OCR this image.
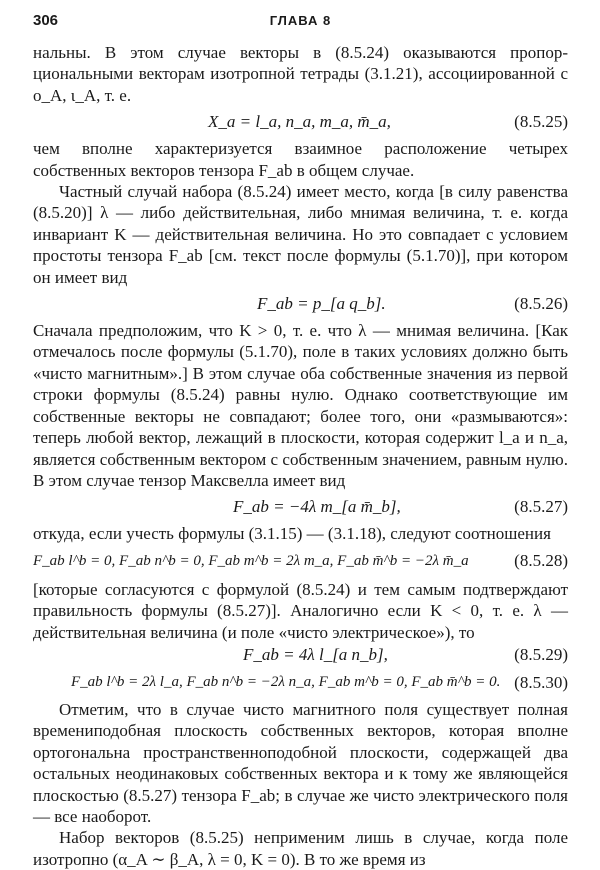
306	ГЛАВА 8

нальны. В этом случае векторы в (8.5.24) оказываются пропорциональными векторам изотропной тетрады (3.1.21), ассоциированной с o_A, ι_A, т. е.

X_a = l_a, n_a, m_a, m̄_a,	(8.5.25)

чем вполне характеризуется взаимное расположение четырех собственных векторов тензора F_ab в общем случае.

Частный случай набора (8.5.24) имеет место, когда [в силу равенства (8.5.20)] λ — либо действительная, либо мнимая величина, т. е. когда инвариант K — действительная величина. Но это совпадает с условием простоты тензора F_ab [см. текст после формулы (5.1.70)], при котором он имеет вид

F_ab = p_[a q_b].	(8.5.26)

Сначала предположим, что K > 0, т. е. что λ — мнимая величина. [Как отмечалось после формулы (5.1.70), поле в таких условиях должно быть «чисто магнитным».] В этом случае оба собственные значения из первой строки формулы (8.5.24) равны нулю. Однако соответствующие им собственные векторы не совпадают; более того, они «размываются»: теперь любой вектор, лежащий в плоскости, которая содержит l_a и n_a, является собственным вектором с собственным значением, равным нулю. В этом случае тензор Максвелла имеет вид

F_ab = −4λ m_[a m̄_b],	(8.5.27)

откуда, если учесть формулы (3.1.15) — (3.1.18), следуют соотношения

F_ab l^b = 0, F_ab n^b = 0, F_ab m^b = 2λ m_a, F_ab m̄^b = −2λ m̄_a	(8.5.28)

[которые согласуются с формулой (8.5.24) и тем самым подтверждают правильность формулы (8.5.27)]. Аналогично если K < 0, т. е. λ — действительная величина (и поле «чисто электрическое»), то

F_ab = 4λ l_[a n_b],	(8.5.29)
F_ab l^b = 2λ l_a, F_ab n^b = −2λ n_a, F_ab m^b = 0, F_ab m̄^b = 0. (8.5.30)

Отметим, что в случае чисто магнитного поля существует полная времениподобная плоскость собственных векторов, которая вполне ортогональна пространственноподобной плоскости, содержащей два остальных неодинаковых собственных вектора и к тому же являющейся плоскостью (8.5.27) тензора F_ab; в случае же чисто электрического поля — все наоборот.

Набор векторов (8.5.25) неприменим лишь в случае, когда поле изотропно (α_A ∼ β_A, λ = 0, K = 0). В то же время из
